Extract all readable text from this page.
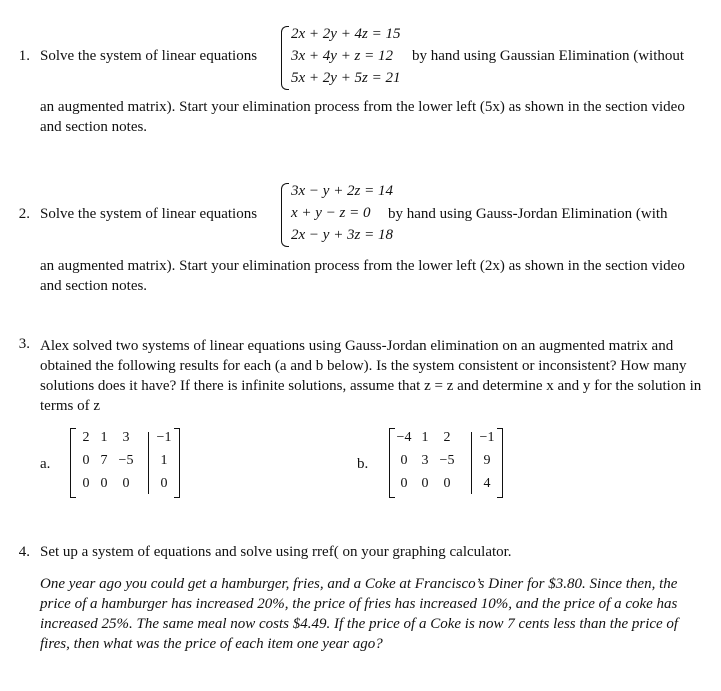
1. Solve the system of linear equations
2x + 2y + 4z = 15
3x + 4y + z = 12
5x + 2y + 5z = 21
by hand using Gaussian Elimination (without
an augmented matrix). Start your elimination process from the lower left (5x) as shown in the section video and section notes.
2. Solve the system of linear equations
3x − y + 2z = 14
x + y − z = 0
2x − y + 3z = 18
by hand using Gauss-Jordan Elimination (with
an augmented matrix). Start your elimination process from the lower left (2x) as shown in the section video and section notes.
3. Alex solved two systems of linear equations using Gauss-Jordan elimination on an augmented matrix and obtained the following results for each (a and b below). Is the system consistent or inconsistent? How many solutions does it have? If there is infinite solutions, assume that z = z and determine x and y for the solution in terms of z
a.
2 1	3	−1
0 7 −5	1
0 0	0	0
b.
−4 1	2	−1
0	3 −5	9
0	0	0	4
4. Set up a system of equations and solve using rref( on your graphing calculator.
One year ago you could get a hamburger, fries, and a Coke at Francisco’s Diner for $3.80. Since then, the price of a hamburger has increased 20%, the price of fries has increased 10%, and the price of a coke has increased 25%. The same meal now costs $4.49. If the price of a Coke is now 7 cents less than the price of fires, then what was the price of each item one year ago?
